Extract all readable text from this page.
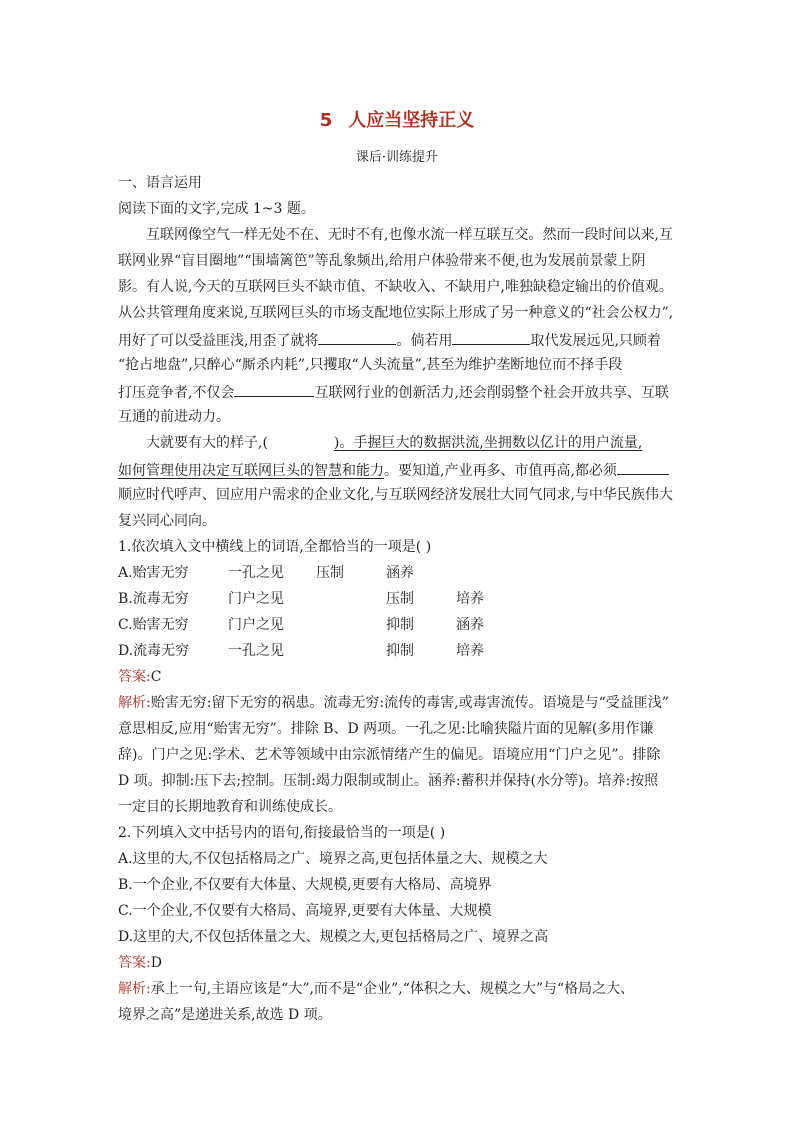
5 人应当坚持正义
课后·训练提升
一、语言运用
阅读下面的文字,完成 1~3 题。
互联网像空气一样无处不在、无时不有,也像水流一样互联互交。然而一段时间以来,互
联网业界“盲目圈地”“围墙篱笆”等乱象频出,给用户体验带来不便,也为发展前景蒙上阴
影。有人说,今天的互联网巨头不缺市值、不缺收入、不缺用户,唯独缺稳定输出的价值观。
从公共管理角度来说,互联网巨头的市场支配地位实际上形成了另一种意义的“社会公权力”,
用好了可以受益匪浅,用歪了就将	。倘若用	取代发展远见,只顾着
“抢占地盘”,只醉心“厮杀内耗”,只攫取“人头流量”,甚至为维护垄断地位而不择手段
打压竞争者,不仅会	互联网行业的创新活力,还会削弱整个社会开放共享、互联
互通的前进动力。
大就要有大的样子,(	)。手握巨大的数据洪流,坐拥数以亿计的用户流量,
如何管理使用决定互联网巨头的智慧和能力。要知道,产业再多、市值再高,都必须
顺应时代呼声、回应用户需求的企业文化,与互联网经济发展壮大同气同求,与中华民族伟大
复兴同心同向。
1.依次填入文中横线上的词语,全都恰当的一项是( )
A.贻害无穷	一孔之见 压制	涵养
B.流毒无穷	门户之见	压制	培养
C.贻害无穷	门户之见	抑制	涵养
D.流毒无穷	一孔之见	抑制	培养
答案:C
解析:贻害无穷:留下无穷的祸患。流毒无穷:流传的毒害,或毒害流传。语境是与“受益匪浅”
意思相反,应用“贻害无穷”。排除 B、D 两项。一孔之见:比喻狭隘片面的见解(多用作谦
辞)。门户之见:学术、艺术等领域中由宗派情绪产生的偏见。语境应用“门户之见”。排除
D 项。抑制:压下去;控制。压制:竭力限制或制止。涵养:蓄积并保持(水分等)。培养:按照
一定目的长期地教育和训练使成长。
2.下列填入文中括号内的语句,衔接最恰当的一项是( )
A.这里的大,不仅包括格局之广、境界之高,更包括体量之大、规模之大
B.一个企业,不仅要有大体量、大规模,更要有大格局、高境界
C.一个企业,不仅要有大格局、高境界,更要有大体量、大规模
D.这里的大,不仅包括体量之大、规模之大,更包括格局之广、境界之高
答案:D
解析:承上一句,主语应该是“大”,而不是“企业”,“体积之大、规模之大”与“格局之大、
境界之高”是递进关系,故选 D 项。
